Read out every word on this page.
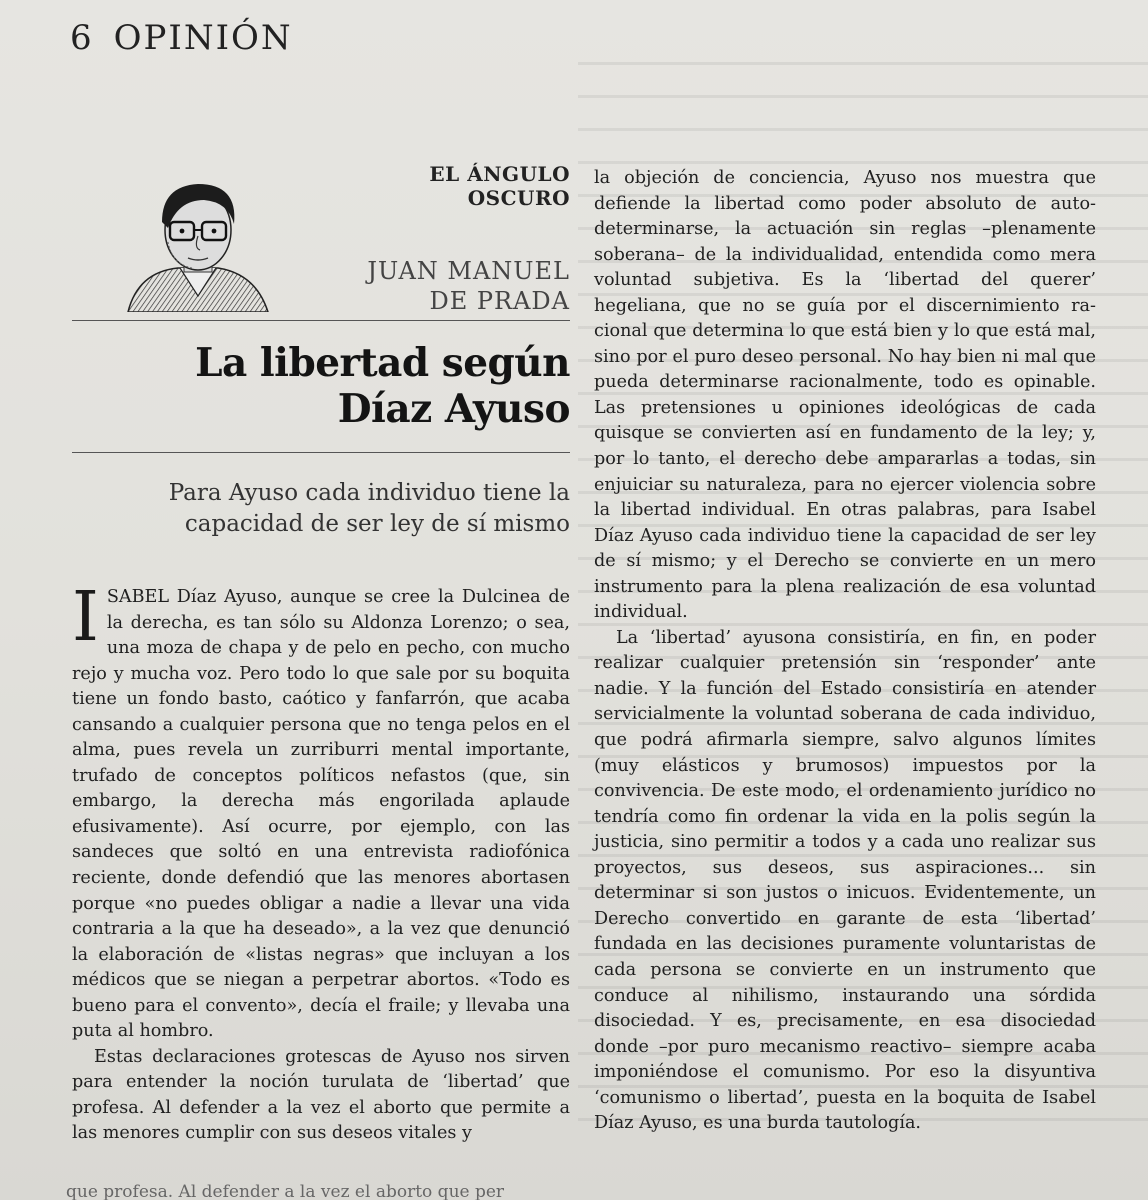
6 OPINIÓN
EL ÁNGULO OSCURO
JUAN MANUEL
DE PRADA
La libertad según
Díaz Ayuso
Para Ayuso cada individuo tiene la
capacidad de ser ley de sí mismo

ISABEL Díaz Ayuso, aunque se cree la Dulcinea de la derecha, es tan sólo su Aldonza Lorenzo; o sea, una moza de chapa y de pelo en pecho, con mucho rejo y mucha voz. Pero todo lo que sale por su boquita tiene un fondo basto, caótico y fanfarrón, que acaba cansando a cualquier persona que no tenga pelos en el alma, pues revela un zurriburri mental importante, trufado de conceptos políticos nefastos (que, sin embargo, la derecha más engorilada aplaude efusivamente). Así ocurre, por ejemplo, con las sandeces que soltó en una entrevista radiofónica reciente, donde defendió que las menores abortasen porque «no puedes obligar a nadie a llevar una vida contraria a la que ha deseado», a la vez que denunció la elaboración de «listas negras» que incluyan a los médicos que se niegan a perpetrar abortos. «Todo es bueno para el convento», decía el fraile; y llevaba una puta al hombro.

Estas declaraciones grotescas de Ayuso nos sirven para entender la noción turulata de ‘libertad’ que profesa. Al defender a la vez el aborto que permite a las menores cumplir con sus deseos vitales y

la objeción de conciencia, Ayuso nos muestra que defiende la libertad como poder absoluto de autodeterminarse, la actuación sin reglas –plenamente soberana– de la individualidad, entendida como mera voluntad subjetiva. Es la ‘libertad del querer’ hegeliana, que no se guía por el discernimiento racional que determina lo que está bien y lo que está mal, sino por el puro deseo personal. No hay bien ni mal que pueda determinarse racionalmente, todo es opinable. Las pretensiones u opiniones ideológicas de cada quisque se convierten así en fundamento de la ley; y, por lo tanto, el derecho debe ampararlas a todas, sin enjuiciar su naturaleza, para no ejercer violencia sobre la libertad individual. En otras palabras, para Isabel Díaz Ayuso cada individuo tiene la capacidad de ser ley de sí mismo; y el Derecho se convierte en un mero instrumento para la plena realización de esa voluntad individual.

La ‘libertad’ ayusona consistiría, en fin, en poder realizar cualquier pretensión sin ‘responder’ ante nadie. Y la función del Estado consistiría en atender servicialmente la voluntad soberana de cada individuo, que podrá afirmarla siempre, salvo algunos límites (muy elásticos y brumosos) impuestos por la convivencia. De este modo, el ordenamiento jurídico no tendría como fin ordenar la vida en la polis según la justicia, sino permitir a todos y a cada uno realizar sus proyectos, sus deseos, sus aspiraciones... sin determinar si son justos o inicuos. Evidentemente, un Derecho convertido en garante de esta ‘libertad’ fundada en las decisiones puramente voluntaristas de cada persona se convierte en un instrumento que conduce al nihilismo, instaurando una sórdida disociedad. Y es, precisamente, en esa disociedad donde –por puro mecanismo reactivo– siempre acaba imponiéndose el comunismo. Por eso la disyuntiva ‘comunismo o libertad’, puesta en la boquita de Isabel Díaz Ayuso, es una burda tautología.

que profesa. Al defender a la vez el aborto que per
